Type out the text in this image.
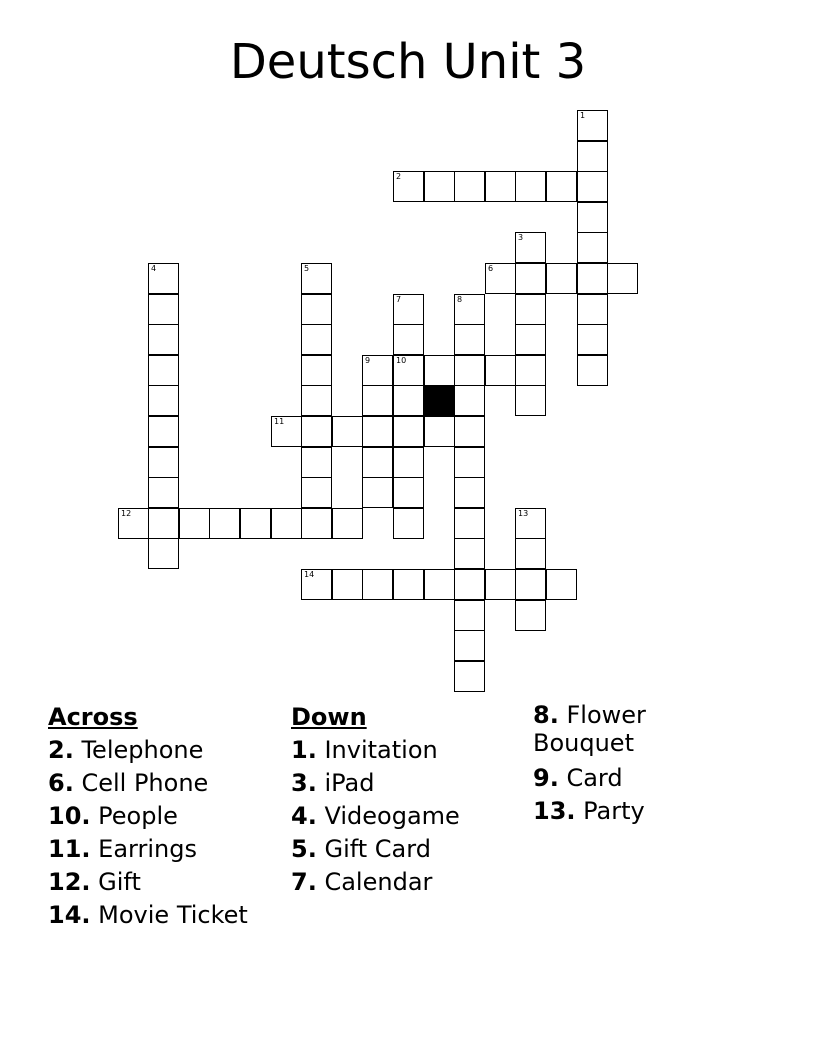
Deutsch Unit 3
1
2
3
4	5	6
7	8
9	10
11
12	13
14
Across
2. Telephone
6. Cell Phone
10. People
11. Earrings
12. Gift
14. Movie Ticket
Down
1. Invitation
3. iPad
4. Videogame
5. Gift Card
7. Calendar
8. Flower Bouquet
9. Card
13. Party
